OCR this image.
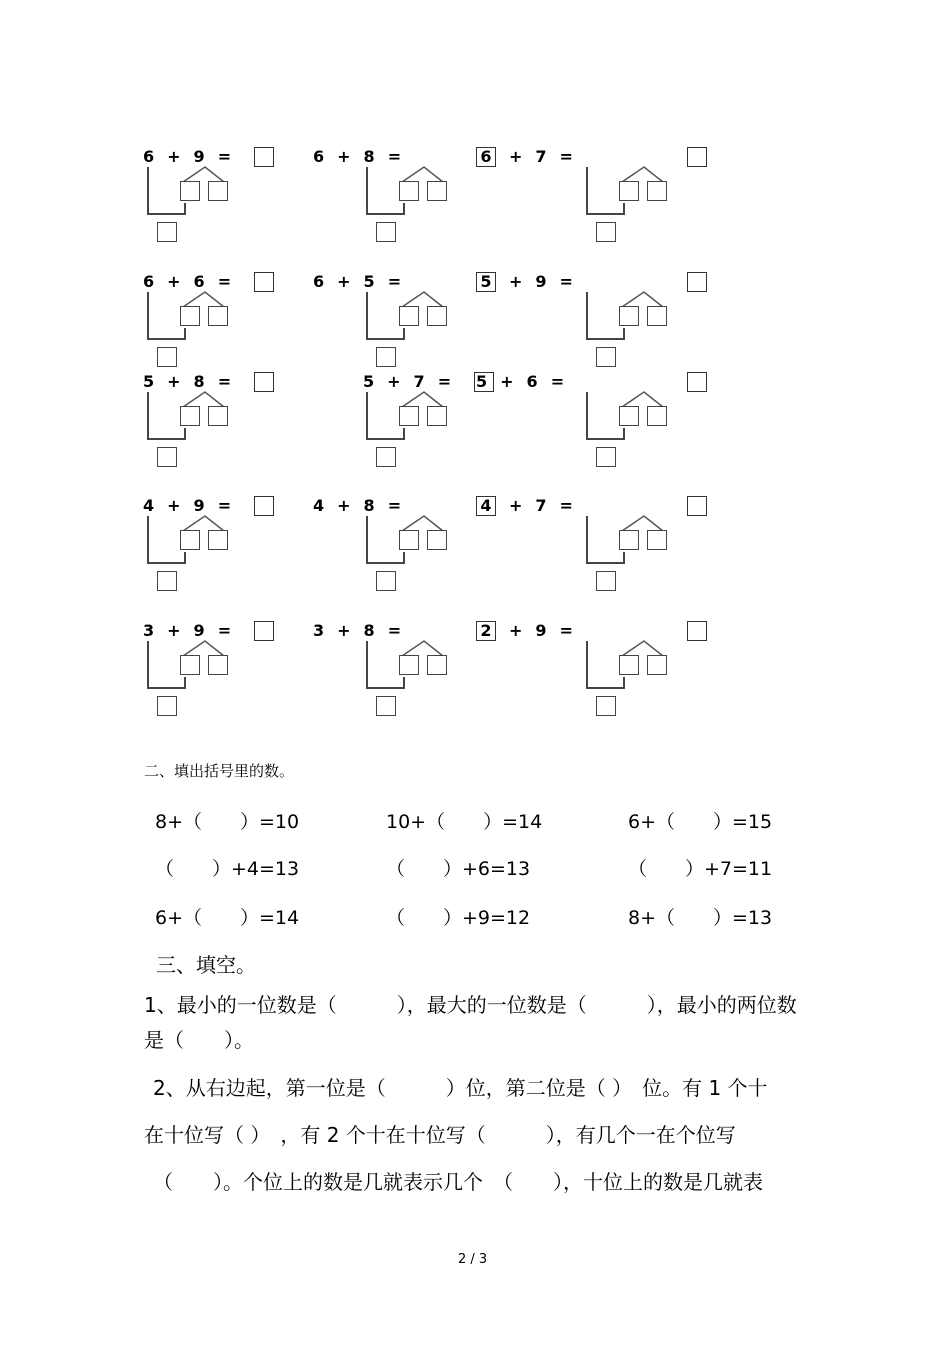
6 + 9 =	6 + 8 =	6 + 7 =
6 + 6 =	6 + 5 =	5 + 9 =
5 + 8 =	5 + 7 =	5 + 6 =
4 + 9 =	4 + 8 =	4 + 7 =
3 + 9 =	3 + 8 =	2 + 9 =
二、填出括号里的数。
8+（　　）=10	10+（　　）=14	6+（　　）=15
（　　）+4=13	（　　）+6=13	（　　）+7=11
6+（　　）=14	（　　）+9=12	8+（　　）=13
三、填空。
1、最小的一位数是（　　　），最大的一位数是（　　　），最小的两位数
是（　　）。
2、从右边起，第一位是（　　　）位，第二位是（ ）　位。有 1 个十
在十位写（ ）　，有 2 个十在十位写（　　　），有几个一在个位写
（　　）。个位上的数是几就表示几个　（　　），十位上的数是几就表
2 / 3
